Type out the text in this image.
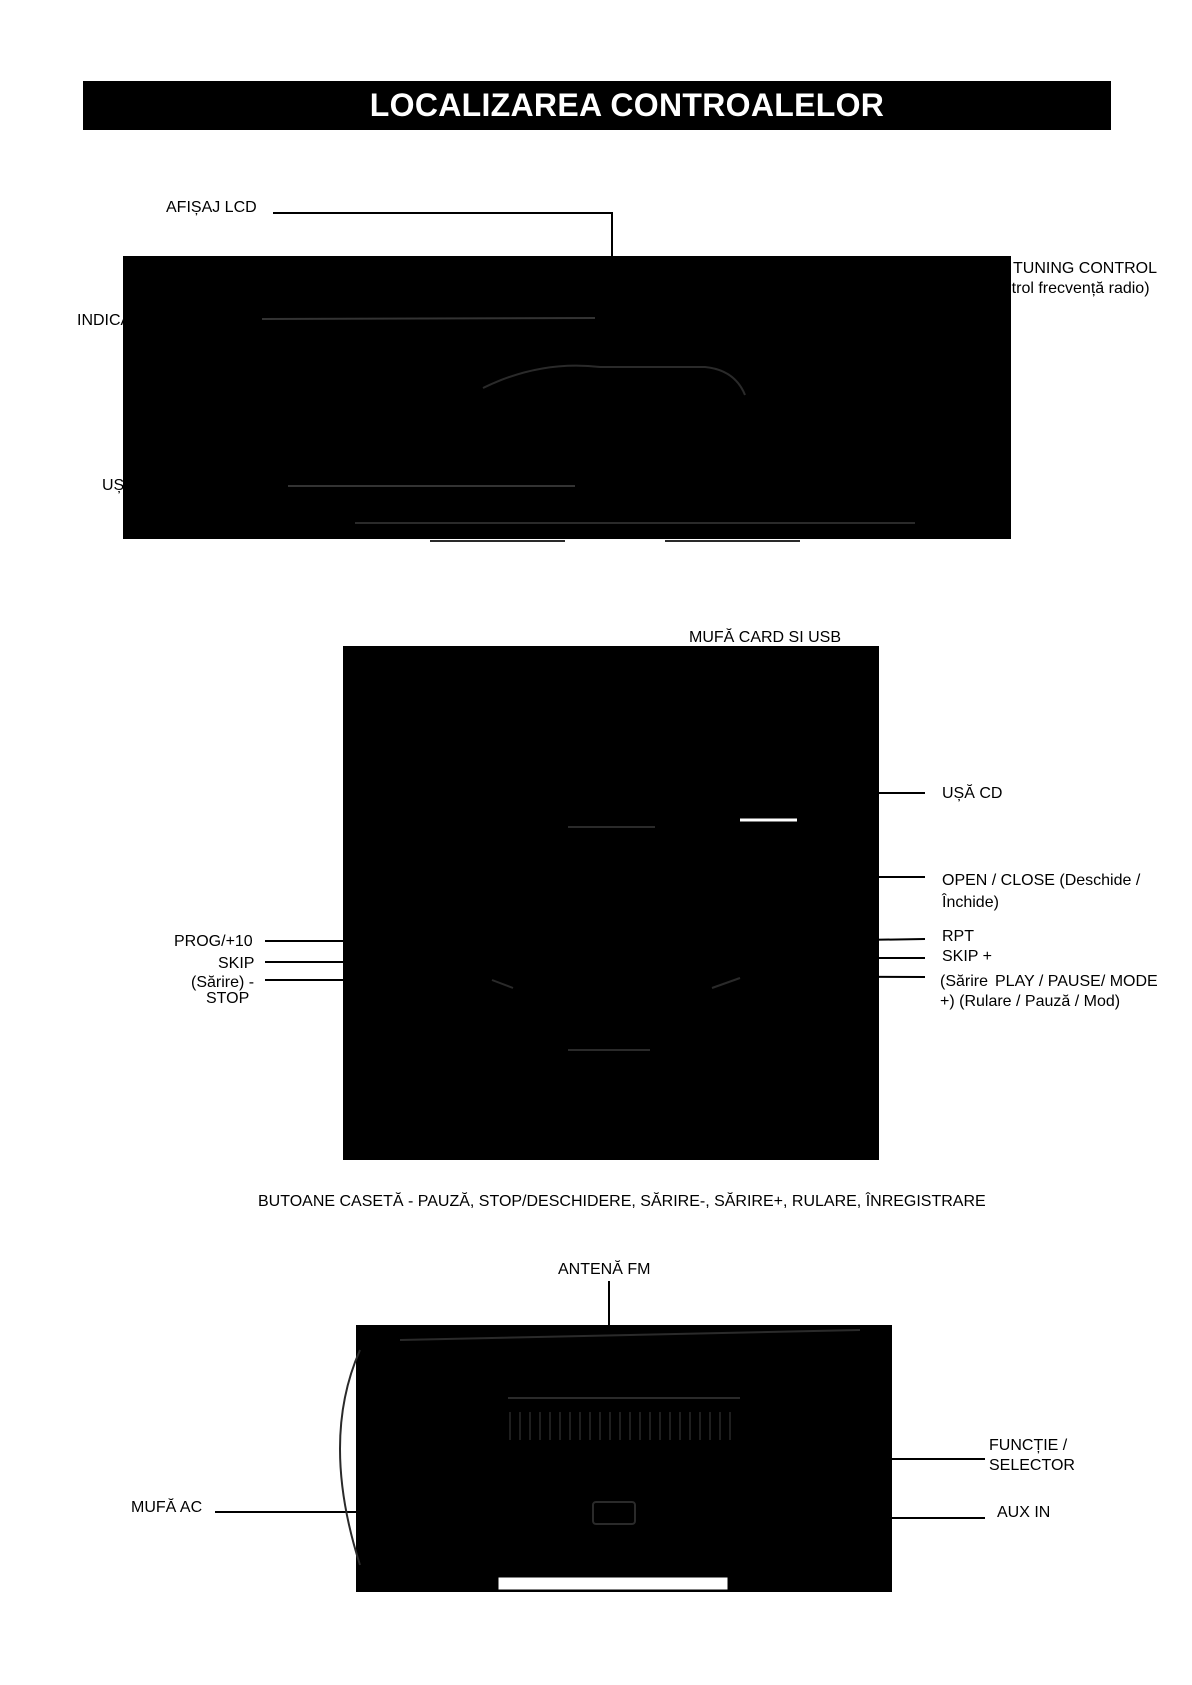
LOCALIZAREA CONTROALELOR
AFIȘAJ LCD
VOLUME (Volum)
INDICATOR DE REȚEA
UȘĂ PENTRU CASETĂ
TUNING CONTROL
(Control frecvență radio)
MUFĂ CARD SI USB
UȘĂ CD
OPEN / CLOSE (Deschide /
Închide)
RPT
SKIP +
(Sărire PLAY / PAUSE/ MODE
+) (Rulare / Pauză / Mod)
PROG/+10
SKIP
(Sărire) -
STOP
BUTOANE CASETĂ - PAUZĂ, STOP/DESCHIDERE, SĂRIRE-, SĂRIRE+, RULARE, ÎNREGISTRARE
ANTENĂ FM
FUNCȚIE /
SELECTOR
AUX IN
MUFĂ AC
